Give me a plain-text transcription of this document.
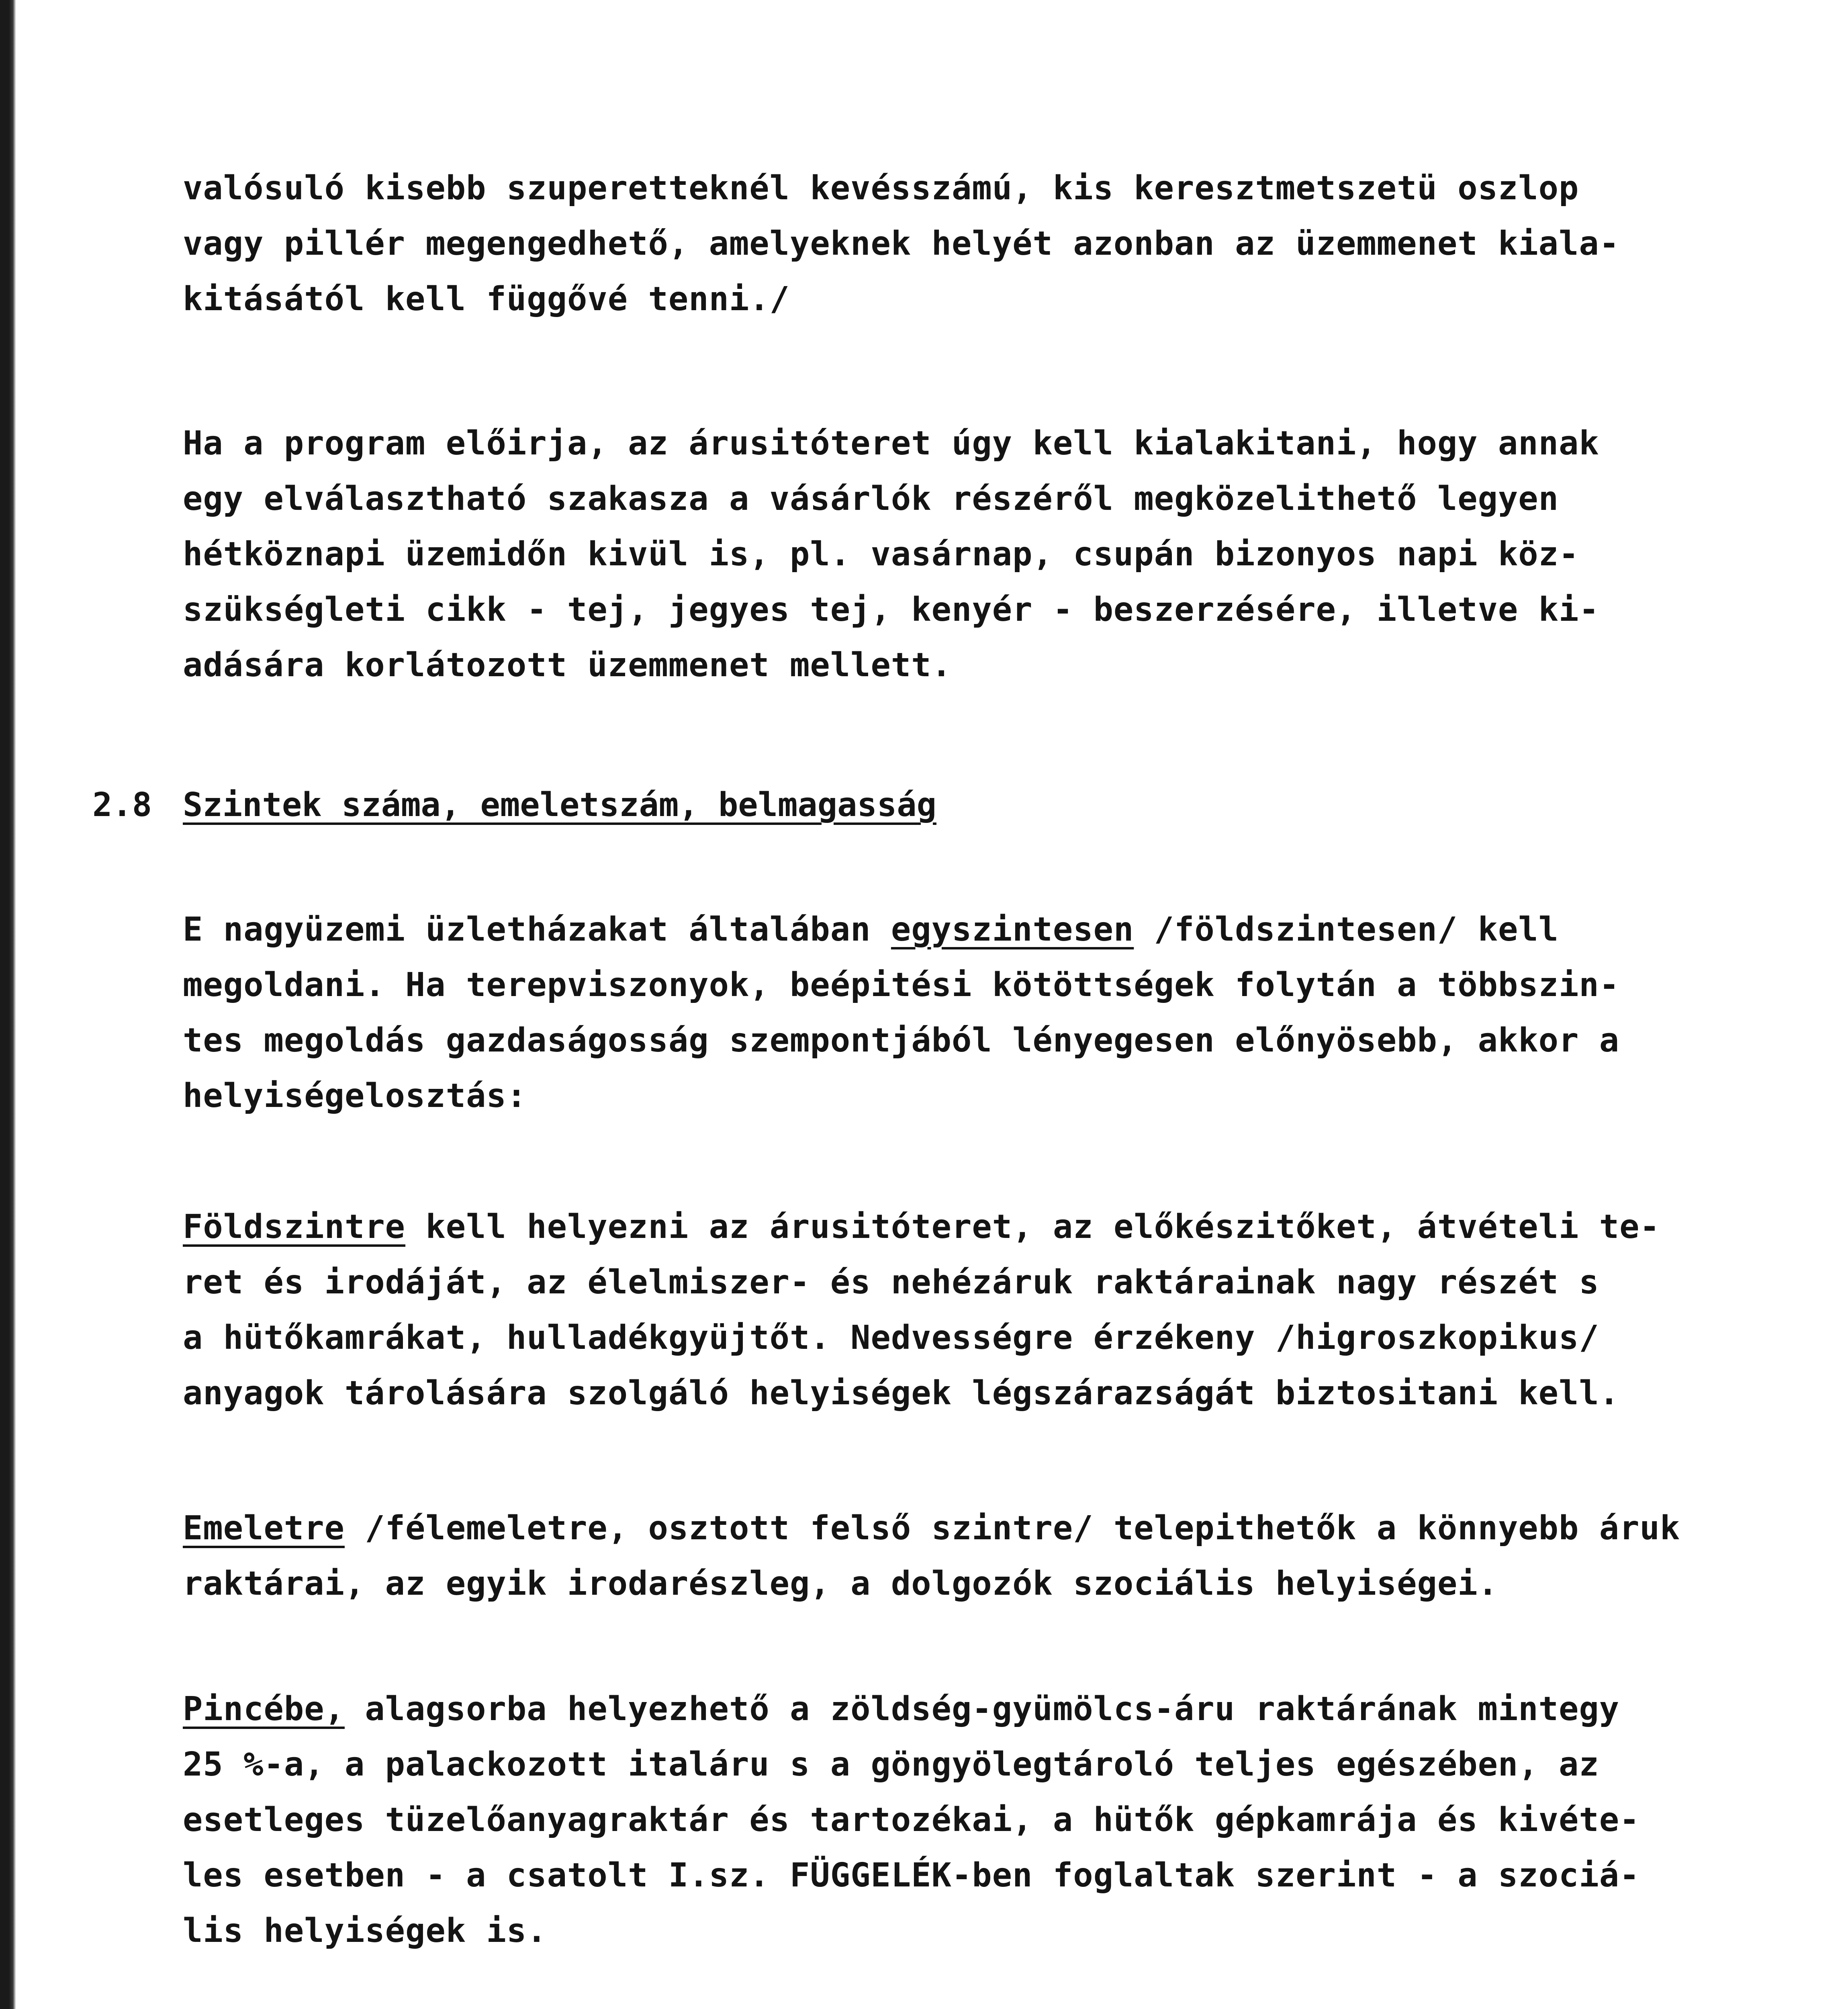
valósuló kisebb szuperetteknél kevésszámú, kis keresztmetszetü oszlop

vagy pillér megengedhető, amelyeknek helyét azonban az üzemmenet kiala-

kitásától kell függővé tenni./

Ha a program előirja, az árusitóteret úgy kell kialakitani, hogy annak

egy elválasztható szakasza a vásárlók részéről megközelithető legyen

hétköznapi üzemidőn kivül is, pl. vasárnap, csupán bizonyos napi köz-

szükségleti cikk - tej, jegyes tej, kenyér - beszerzésére, illetve ki-

adására korlátozott üzemmenet mellett.

2.8 Szintek száma, emeletszám, belmagasság

E nagyüzemi üzletházakat általában egyszintesen /földszintesen/ kell

megoldani. Ha terepviszonyok, beépitési kötöttségek folytán a többszin-

tes megoldás gazdaságosság szempontjából lényegesen előnyösebb, akkor a

helyiségelosztás:

Földszintre kell helyezni az árusitóteret, az előkészitőket, átvételi te-

ret és irodáját, az élelmiszer- és nehézáruk raktárainak nagy részét s

a hütőkamrákat, hulladékgyüjtőt. Nedvességre érzékeny /higroszkopikus/

anyagok tárolására szolgáló helyiségek légszárazságát biztositani kell.

Emeletre /félemeletre, osztott felső szintre/ telepithetők a könnyebb áruk

raktárai, az egyik irodarészleg, a dolgozók szociális helyiségei.

Pincébe, alagsorba helyezhető a zöldség-gyümölcs-áru raktárának mintegy

25 %-a, a palackozott italáru s a göngyölegtároló teljes egészében, az

esetleges tüzelőanyagraktár és tartozékai, a hütők gépkamrája és kivéte-

les esetben - a csatolt I.sz. FÜGGELÉK-ben foglaltak szerint - a szociá-

lis helyiségek is.
